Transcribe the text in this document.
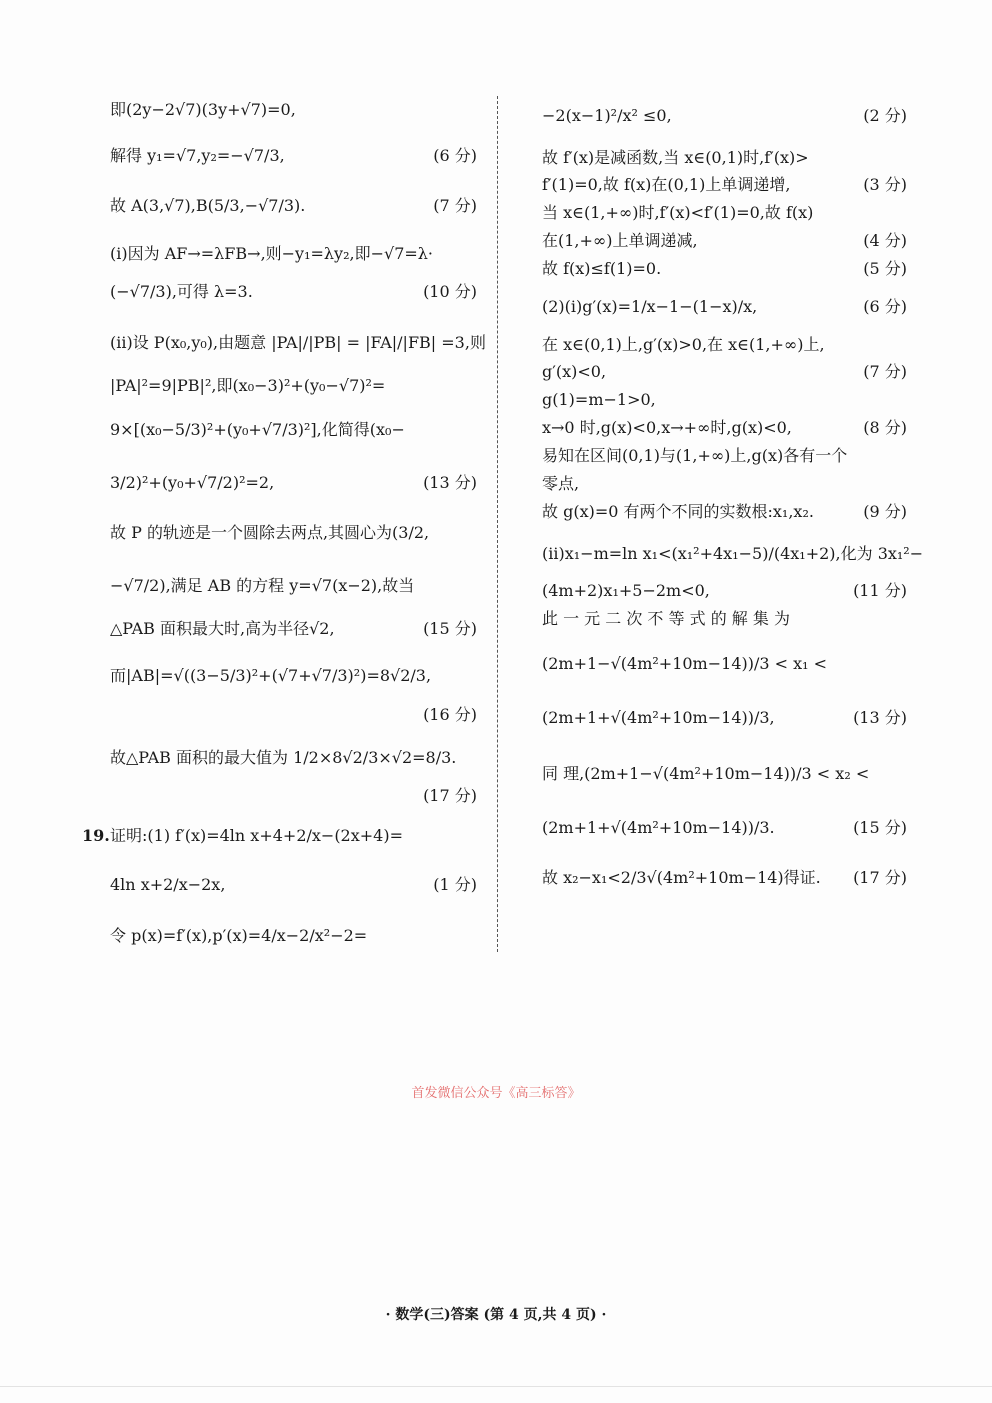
即(2y−2√7)(3y+√7)=0,
解得 y₁=√7,y₂=−√7/3,	(6 分)
故 A(3,√7),B(5/3,−√7/3).	(7 分)
(ⅰ)因为 AF→=λFB→,则−y₁=λy₂,即−√7=λ·
(−√7/3),可得 λ=3.	(10 分)
(ⅱ)设 P(x₀,y₀),由题意 |PA|/|PB| = |FA|/|FB| =3,则
|PA|²=9|PB|²,即(x₀−3)²+(y₀−√7)²=
9×[(x₀−5/3)²+(y₀+√7/3)²],化简得(x₀−
3/2)²+(y₀+√7/2)²=2,	(13 分)
故 P 的轨迹是一个圆除去两点,其圆心为(3/2,
−√7/2),满足 AB 的方程 y=√7(x−2),故当
△PAB 面积最大时,高为半径√2,	(15 分)
而|AB|=√((3−5/3)²+(√7+√7/3)²)=8√2/3,
(16 分)
故△PAB 面积的最大值为 1/2×8√2/3×√2=8/3.
(17 分)
证明:(1) f′(x)=4ln x+4+2/x−(2x+4)=
4ln x+2/x−2x,	(1 分)
令 p(x)=f′(x),p′(x)=4/x−2/x²−2=
19.
−2(x−1)²/x² ≤0,	(2 分)
故 f′(x)是减函数,当 x∈(0,1)时,f′(x)>
f′(1)=0,故 f(x)在(0,1)上单调递增,	(3 分)
当 x∈(1,+∞)时,f′(x)<f′(1)=0,故 f(x)
在(1,+∞)上单调递减,	(4 分)
故 f(x)≤f(1)=0.	(5 分)
(2)(ⅰ)g′(x)=1/x−1−(1−x)/x,	(6 分)
在 x∈(0,1)上,g′(x)>0,在 x∈(1,+∞)上,
g′(x)<0,	(7 分)
g(1)=m−1>0,
x→0 时,g(x)<0,x→+∞时,g(x)<0,	(8 分)
易知在区间(0,1)与(1,+∞)上,g(x)各有一个
零点,
故 g(x)=0 有两个不同的实数根:x₁,x₂.	(9 分)
(ⅱ)x₁−m=ln x₁<(x₁²+4x₁−5)/(4x₁+2),化为 3x₁²−
(4m+2)x₁+5−2m<0,	(11 分)
此 一 元 二 次 不 等 式 的 解 集 为
(2m+1−√(4m²+10m−14))/3 < x₁ <
(2m+1+√(4m²+10m−14))/3,	(13 分)
同 理,(2m+1−√(4m²+10m−14))/3 < x₂ <
(2m+1+√(4m²+10m−14))/3.	(15 分)
故 x₂−x₁<2/3√(4m²+10m−14)得证. (17 分)
首发微信公众号《高三标答》
· 数学(三)答案 (第 4 页,共 4 页) ·
